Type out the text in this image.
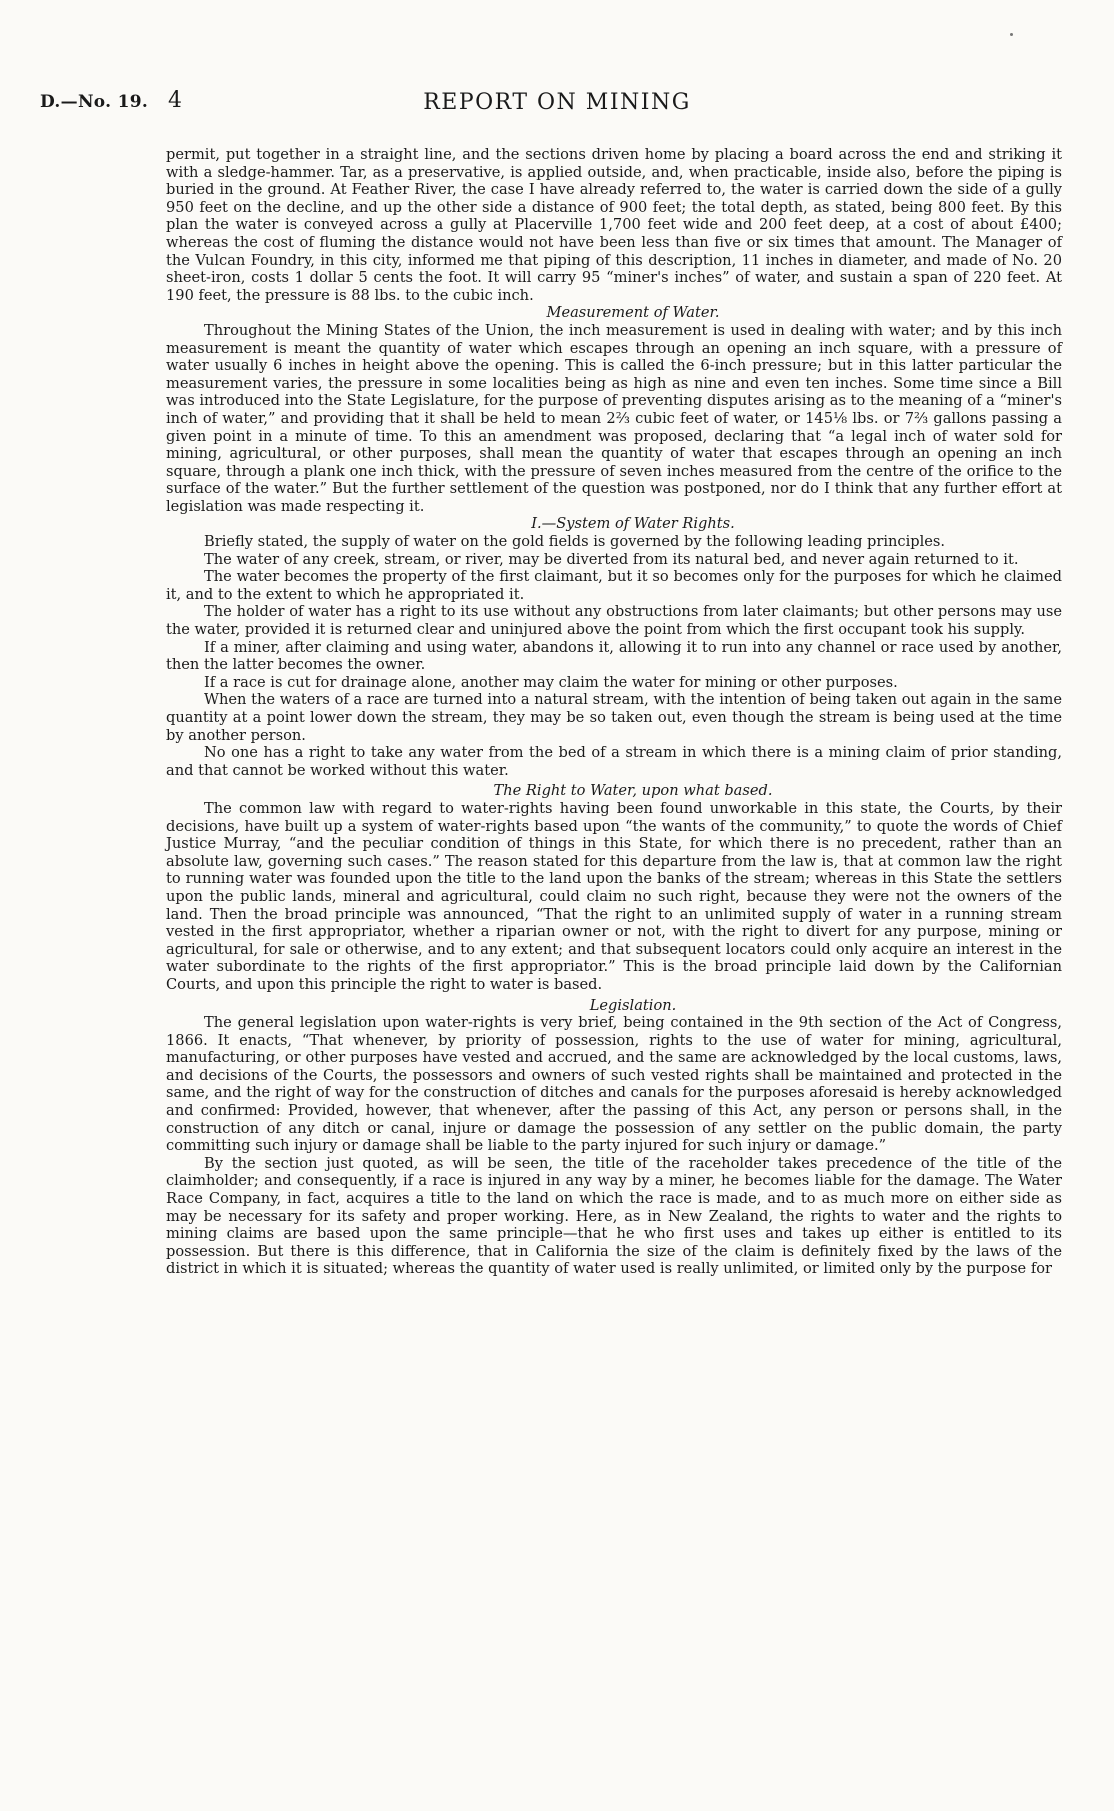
D.—No. 19. 4	REPORT ON MINING

permit, put together in a straight line, and the sections driven home by placing a board across the end and striking it with a sledge-hammer. Tar, as a preservative, is applied outside, and, when practicable, inside also, before the piping is buried in the ground. At Feather River, the case I have already referred to, the water is carried down the side of a gully 950 feet on the decline, and up the other side a distance of 900 feet; the total depth, as stated, being 800 feet. By this plan the water is conveyed across a gully at Placerville 1,700 feet wide and 200 feet deep, at a cost of about £400; whereas the cost of fluming the distance would not have been less than five or six times that amount. The Manager of the Vulcan Foundry, in this city, informed me that piping of this description, 11 inches in diameter, and made of No. 20 sheet-iron, costs 1 dollar 5 cents the foot. It will carry 95 “miner's inches” of water, and sustain a span of 220 feet. At 190 feet, the pressure is 88 lbs. to the cubic inch.

Measurement of Water.

Throughout the Mining States of the Union, the inch measurement is used in dealing with water; and by this inch measurement is meant the quantity of water which escapes through an opening an inch square, with a pressure of water usually 6 inches in height above the opening. This is called the 6-inch pressure; but in this latter particular the measurement varies, the pressure in some localities being as high as nine and even ten inches. Some time since a Bill was introduced into the State Legislature, for the purpose of preventing disputes arising as to the meaning of a “miner's inch of water,” and providing that it shall be held to mean 2⅔ cubic feet of water, or 145⅛ lbs. or 7⅔ gallons passing a given point in a minute of time. To this an amendment was proposed, declaring that “a legal inch of water sold for mining, agricultural, or other purposes, shall mean the quantity of water that escapes through an opening an inch square, through a plank one inch thick, with the pressure of seven inches measured from the centre of the orifice to the surface of the water.” But the further settlement of the question was postponed, nor do I think that any further effort at legislation was made respecting it.

I.—System of Water Rights.

Briefly stated, the supply of water on the gold fields is governed by the following leading principles.

The water of any creek, stream, or river, may be diverted from its natural bed, and never again returned to it.

The water becomes the property of the first claimant, but it so becomes only for the purposes for which he claimed it, and to the extent to which he appropriated it.

The holder of water has a right to its use without any obstructions from later claimants; but other persons may use the water, provided it is returned clear and uninjured above the point from which the first occupant took his supply.

If a miner, after claiming and using water, abandons it, allowing it to run into any channel or race used by another, then the latter becomes the owner.

If a race is cut for drainage alone, another may claim the water for mining or other purposes.

When the waters of a race are turned into a natural stream, with the intention of being taken out again in the same quantity at a point lower down the stream, they may be so taken out, even though the stream is being used at the time by another person.

No one has a right to take any water from the bed of a stream in which there is a mining claim of prior standing, and that cannot be worked without this water.

The Right to Water, upon what based.

The common law with regard to water-rights having been found unworkable in this state, the Courts, by their decisions, have built up a system of water-rights based upon “the wants of the community,” to quote the words of Chief Justice Murray, “and the peculiar condition of things in this State, for which there is no precedent, rather than an absolute law, governing such cases.” The reason stated for this departure from the law is, that at common law the right to running water was founded upon the title to the land upon the banks of the stream; whereas in this State the settlers upon the public lands, mineral and agricultural, could claim no such right, because they were not the owners of the land. Then the broad principle was announced, “That the right to an unlimited supply of water in a running stream vested in the first appropriator, whether a riparian owner or not, with the right to divert for any purpose, mining or agricultural, for sale or otherwise, and to any extent; and that subsequent locators could only acquire an interest in the water subordinate to the rights of the first appropriator.” This is the broad principle laid down by the Californian Courts, and upon this principle the right to water is based.

Legislation.

The general legislation upon water-rights is very brief, being contained in the 9th section of the Act of Congress, 1866. It enacts, “That whenever, by priority of possession, rights to the use of water for mining, agricultural, manufacturing, or other purposes have vested and accrued, and the same are acknowledged by the local customs, laws, and decisions of the Courts, the possessors and owners of such vested rights shall be maintained and protected in the same, and the right of way for the construction of ditches and canals for the purposes aforesaid is hereby acknowledged and confirmed: Provided, however, that whenever, after the passing of this Act, any person or persons shall, in the construction of any ditch or canal, injure or damage the possession of any settler on the public domain, the party committing such injury or damage shall be liable to the party injured for such injury or damage.”

By the section just quoted, as will be seen, the title of the raceholder takes precedence of the title of the claimholder; and consequently, if a race is injured in any way by a miner, he becomes liable for the damage. The Water Race Company, in fact, acquires a title to the land on which the race is made, and to as much more on either side as may be necessary for its safety and proper working. Here, as in New Zealand, the rights to water and the rights to mining claims are based upon the same principle—that he who first uses and takes up either is entitled to its possession. But there is this difference, that in California the size of the claim is definitely fixed by the laws of the district in which it is situated; whereas the quantity of water used is really unlimited, or limited only by the purpose for
